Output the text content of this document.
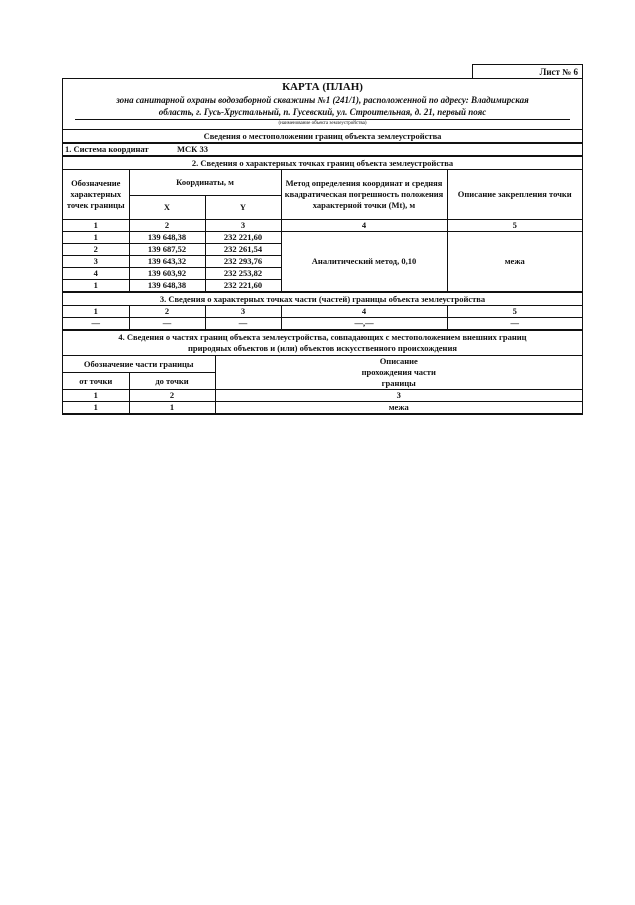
Лист № 6
КАРТА (ПЛАН)
зона санитарной охраны водозаборной скважины №1 (241/1), расположенной по адресу: Владимирская
область, г. Гусь-Хрустальный, п. Гусевский, ул. Строительная, д. 21, первый пояс
(наименование объекта землеустройства)
Сведения о местоположении границ объекта землеустройства
1. Система координат	МСК 33
2. Сведения о характерных точках границ объекта землеустройства				
Обозначение характерных точек границы	Координаты, м		Метод определения координат и средняя квадратическая погрешность положения характерной точки (Mt), м	Описание закрепления точки
	X	Y		
1	2	3	4	5
1	139 648,38	232 221,60	Аналитический метод, 0,10	межа
2	139 687,52	232 261,54		
3	139 643,32	232 293,76		
4	139 603,92	232 253,82		
1	139 648,38	232 221,60		
3. Сведения о характерных точках части (частей) границы объекта землеустройства				
1	2	3	4	5
—	—	—	—,—	—
4. Сведения о частях границ объекта землеустройства, совпадающих с местоположением внешних границ
природных объектов и (или) объектов искусственного происхождения		

Обозначение части границы		Описание прохождения части границы
от точки	до точки	
1	2	3
1	1	межа
